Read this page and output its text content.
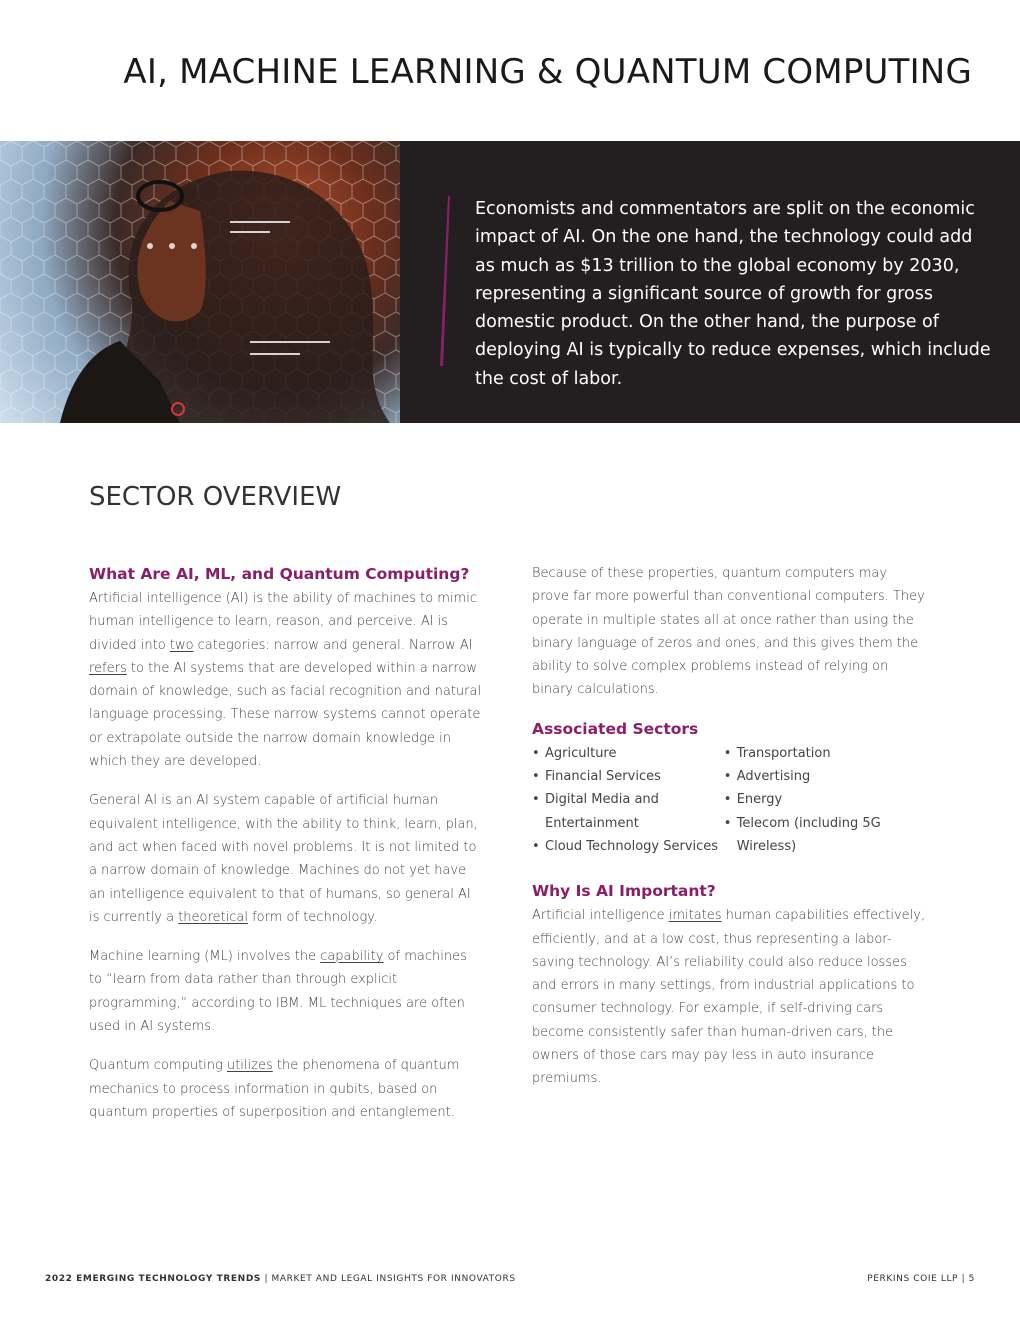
AI, MACHINE LEARNING & QUANTUM COMPUTING

Economists and commentators are split on the economic impact of AI. On the one hand, the technology could add as much as $13 trillion to the global economy by 2030, representing a significant source of growth for gross domestic product. On the other hand, the purpose of deploying AI is typically to reduce expenses, which include the cost of labor.

SECTOR OVERVIEW
What Are AI, ML, and Quantum Computing?

Artificial intelligence (AI) is the ability of machines to mimic human intelligence to learn, reason, and perceive. AI is divided into two categories: narrow and general. Narrow AI refers to the AI systems that are developed within a narrow domain of knowledge, such as facial recognition and natural language processing. These narrow systems cannot operate or extrapolate outside the narrow domain knowledge in which they are developed.

General AI is an AI system capable of artificial human equivalent intelligence, with the ability to think, learn, plan, and act when faced with novel problems. It is not limited to a narrow domain of knowledge. Machines do not yet have an intelligence equivalent to that of humans, so general AI is currently a theoretical form of technology.

Machine learning (ML) involves the capability of machines to “learn from data rather than through explicit programming,” according to IBM. ML techniques are often used in AI systems.

Quantum computing utilizes the phenomena of quantum mechanics to process information in qubits, based on quantum properties of superposition and entanglement.

Because of these properties, quantum computers may prove far more powerful than conventional computers. They operate in multiple states all at once rather than using the binary language of zeros and ones, and this gives them the ability to solve complex problems instead of relying on binary calculations.

Associated Sectors
• Agriculture
• Financial Services
• Digital Media and Entertainment
• Cloud Technology Services
• Transportation
• Advertising
• Energy
• Telecom (including 5G Wireless)
Why Is AI Important?

Artificial intelligence imitates human capabilities effectively, efficiently, and at a low cost, thus representing a labor-saving technology. AI’s reliability could also reduce losses and errors in many settings, from industrial applications to consumer technology. For example, if self-driving cars become consistently safer than human-driven cars, the owners of those cars may pay less in auto insurance premiums.

2022 EMERGING TECHNOLOGY TRENDS | MARKET AND LEGAL INSIGHTS FOR INNOVATORS	PERKINS COIE LLP | 5
